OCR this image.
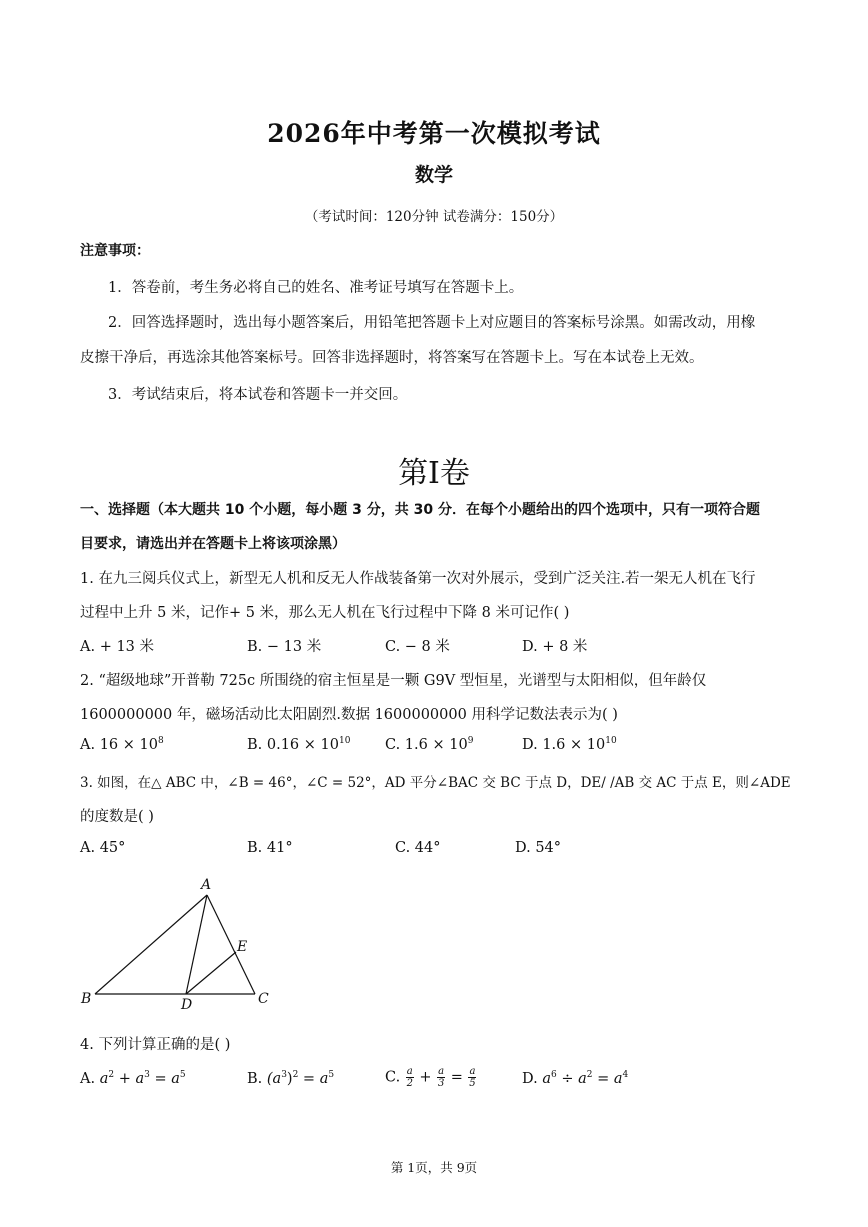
2026年中考第一次模拟考试
数学
（考试时间：120分钟 试卷满分：150分）
注意事项：
1．答卷前，考生务必将自己的姓名、准考证号填写在答题卡上。
2．回答选择题时，选出每小题答案后，用铅笔把答题卡上对应题目的答案标号涂黑。如需改动，用橡
皮擦干净后，再选涂其他答案标号。回答非选择题时，将答案写在答题卡上。写在本试卷上无效。
3．考试结束后，将本试卷和答题卡一并交回。
第I卷
一、选择题（本大题共 10 个小题，每小题 3 分，共 30 分．在每个小题给出的四个选项中，只有一项符合题
目要求，请选出并在答题卡上将该项涂黑）
1. 在九三阅兵仪式上，新型无人机和反无人作战装备第一次对外展示，受到广泛关注.若一架无人机在飞行
过程中上升 5 米，记作+ 5 米，那么无人机在飞行过程中下降 8 米可记作( )
A. + 13 米	B. − 13 米	C. − 8 米	D. + 8 米
2. “超级地球”开普勒 725c 所围绕的宿主恒星是一颗 G9V 型恒星，光谱型与太阳相似，但年龄仅
1600000000 年，磁场活动比太阳剧烈.数据 1600000000 用科学记数法表示为( )
A. $16 \times 10^8$	B. $0.16 \times 10^{10}$ C. $1.6 \times 10^9$	D. $1.6 \times 10^{10}$
3. 如图，在△ ABC 中，∠B = 46°，∠C = 52°，AD 平分∠BAC 交 BC 于点 D，DE/ /AB 交 AC 于点 E，则∠ADE
的度数是( )
A. 45°	B. 41°	C. 44°	D. 54°
A
B	C
D
E
4. 下列计算正确的是( )
A. $a^2 + a^3 = a^5$	B. $(a^3)^2 = a^5$	C. $\frac{a}{2} + \frac{a}{3} = \frac{a}{5}$	D. $a^6 \div a^2 = a^4$
第 1页，共 9页
